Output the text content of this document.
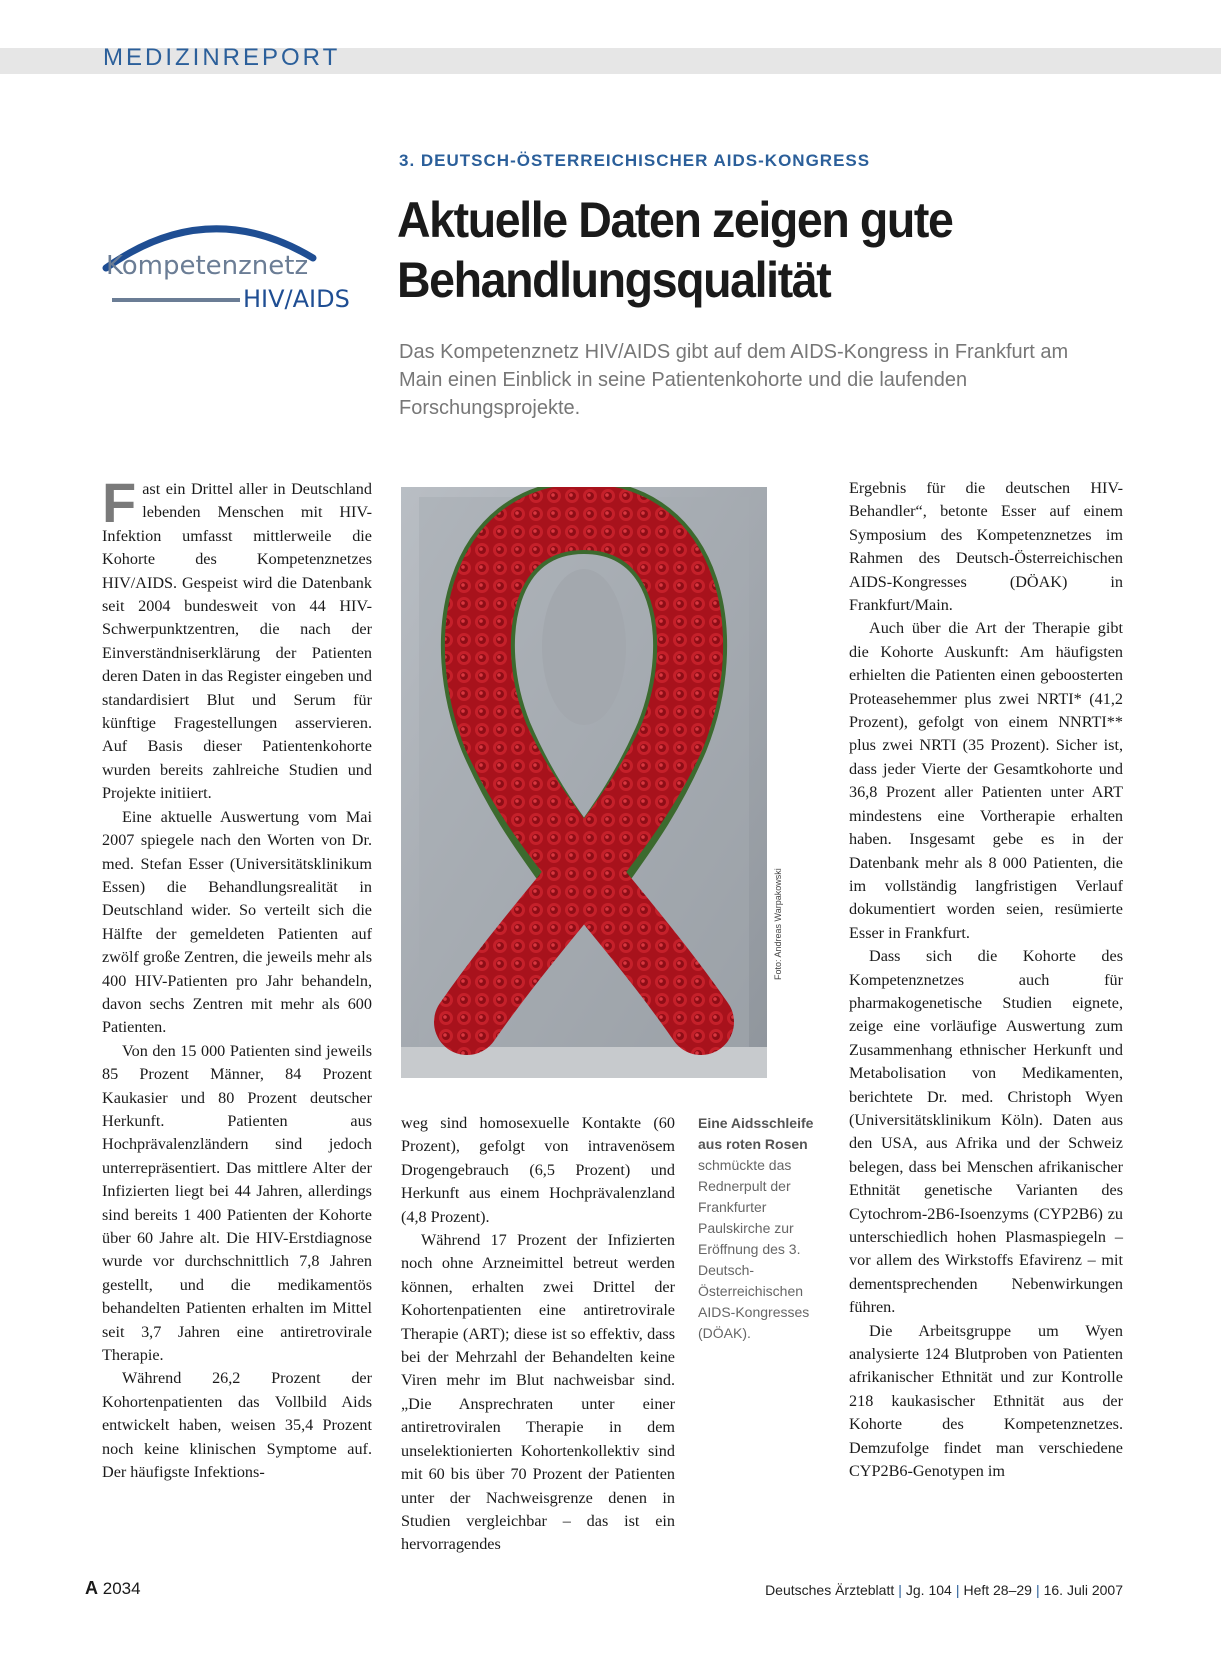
MEDIZINREPORT
Kompetenznetz
HIV/AIDS
3. DEUTSCH-ÖSTERREICHISCHER AIDS-KONGRESS
Aktuelle Daten zeigen gute Behandlungsqualität
Das Kompetenznetz HIV/AIDS gibt auf dem AIDS-Kongress in Frankfurt am Main einen Einblick in seine Patientenkohorte und die laufenden Forschungsprojekte.

Fast ein Drittel aller in Deutschland lebenden Menschen mit HIV-Infektion umfasst mittlerweile die Kohorte des Kompetenznetzes HIV/AIDS. Gespeist wird die Datenbank seit 2004 bundesweit von 44 HIV-Schwerpunktzentren, die nach der Einverständniserklärung der Patienten deren Daten in das Register eingeben und standardisiert Blut und Serum für künftige Fragestellungen asservieren. Auf Basis dieser Patientenkohorte wurden bereits zahlreiche Studien und Projekte initiiert.

Eine aktuelle Auswertung vom Mai 2007 spiegele nach den Worten von Dr. med. Stefan Esser (Universitätsklinikum Essen) die Behandlungsrealität in Deutschland wider. So verteilt sich die Hälfte der gemeldeten Patienten auf zwölf große Zentren, die jeweils mehr als 400 HIV-Patienten pro Jahr behandeln, davon sechs Zentren mit mehr als 600 Patienten.

Von den 15 000 Patienten sind jeweils 85 Prozent Männer, 84 Prozent Kaukasier und 80 Prozent deutscher Herkunft. Patienten aus Hochprävalenzländern sind jedoch unterrepräsentiert. Das mittlere Alter der Infizierten liegt bei 44 Jahren, allerdings sind bereits 1 400 Patienten der Kohorte über 60 Jahre alt. Die HIV-Erstdiagnose wurde vor durchschnittlich 7,8 Jahren gestellt, und die medikamentös behandelten Patienten erhalten im Mittel seit 3,7 Jahren eine antiretrovirale Therapie.

Während 26,2 Prozent der Kohortenpatienten das Vollbild Aids entwickelt haben, weisen 35,4 Prozent noch keine klinischen Symptome auf. Der häufigste Infektions-

Foto: Andreas Warpakowski

weg sind homosexuelle Kontakte (60 Prozent), gefolgt von intravenösem Drogengebrauch (6,5 Prozent) und Herkunft aus einem Hochprävalenzland (4,8 Prozent).

Während 17 Prozent der Infizierten noch ohne Arzneimittel betreut werden können, erhalten zwei Drittel der Kohortenpatienten eine antiretrovirale Therapie (ART); diese ist so effektiv, dass bei der Mehrzahl der Behandelten keine Viren mehr im Blut nachweisbar sind. „Die Ansprechraten unter einer antiretroviralen Therapie in dem unselektionierten Kohortenkollektiv sind mit 60 bis über 70 Prozent der Patienten unter der Nachweisgrenze denen in Studien vergleichbar – das ist ein hervorragendes

Eine Aidsschleife aus roten Rosen
schmückte das Rednerpult der Frankfurter Paulskirche zur Eröffnung des 3. Deutsch-Österreichischen AIDS-Kongresses (DÖAK).

Ergebnis für die deutschen HIV-Behandler“, betonte Esser auf einem Symposium des Kompetenznetzes im Rahmen des Deutsch-Österreichischen AIDS-Kongresses (DÖAK) in Frankfurt/Main.

Auch über die Art der Therapie gibt die Kohorte Auskunft: Am häufigsten erhielten die Patienten einen geboosterten Proteasehemmer plus zwei NRTI* (41,2 Prozent), gefolgt von einem NNRTI** plus zwei NRTI (35 Prozent). Sicher ist, dass jeder Vierte der Gesamtkohorte und 36,8 Prozent aller Patienten unter ART mindestens eine Vortherapie erhalten haben. Insgesamt gebe es in der Datenbank mehr als 8 000 Patienten, die im vollständig langfristigen Verlauf dokumentiert worden seien, resümierte Esser in Frankfurt.

Dass sich die Kohorte des Kompetenznetzes auch für pharmakogenetische Studien eignete, zeige eine vorläufige Auswertung zum Zusammenhang ethnischer Herkunft und Metabolisation von Medikamenten, berichtete Dr. med. Christoph Wyen (Universitätsklinikum Köln). Daten aus den USA, aus Afrika und der Schweiz belegen, dass bei Menschen afrikanischer Ethnität genetische Varianten des Cytochrom-2B6-Isoenzyms (CYP2B6) zu unterschiedlich hohen Plasmaspiegeln – vor allem des Wirkstoffs Efavirenz – mit dementsprechenden Nebenwirkungen führen.

Die Arbeitsgruppe um Wyen analysierte 124 Blutproben von Patienten afrikanischer Ethnität und zur Kontrolle 218 kaukasischer Ethnität aus der Kohorte des Kompetenznetzes. Demzufolge findet man verschiedene CYP2B6-Genotypen im

A 2034	Deutsches Ärzteblatt | Jg. 104 | Heft 28–29 | 16. Juli 2007
